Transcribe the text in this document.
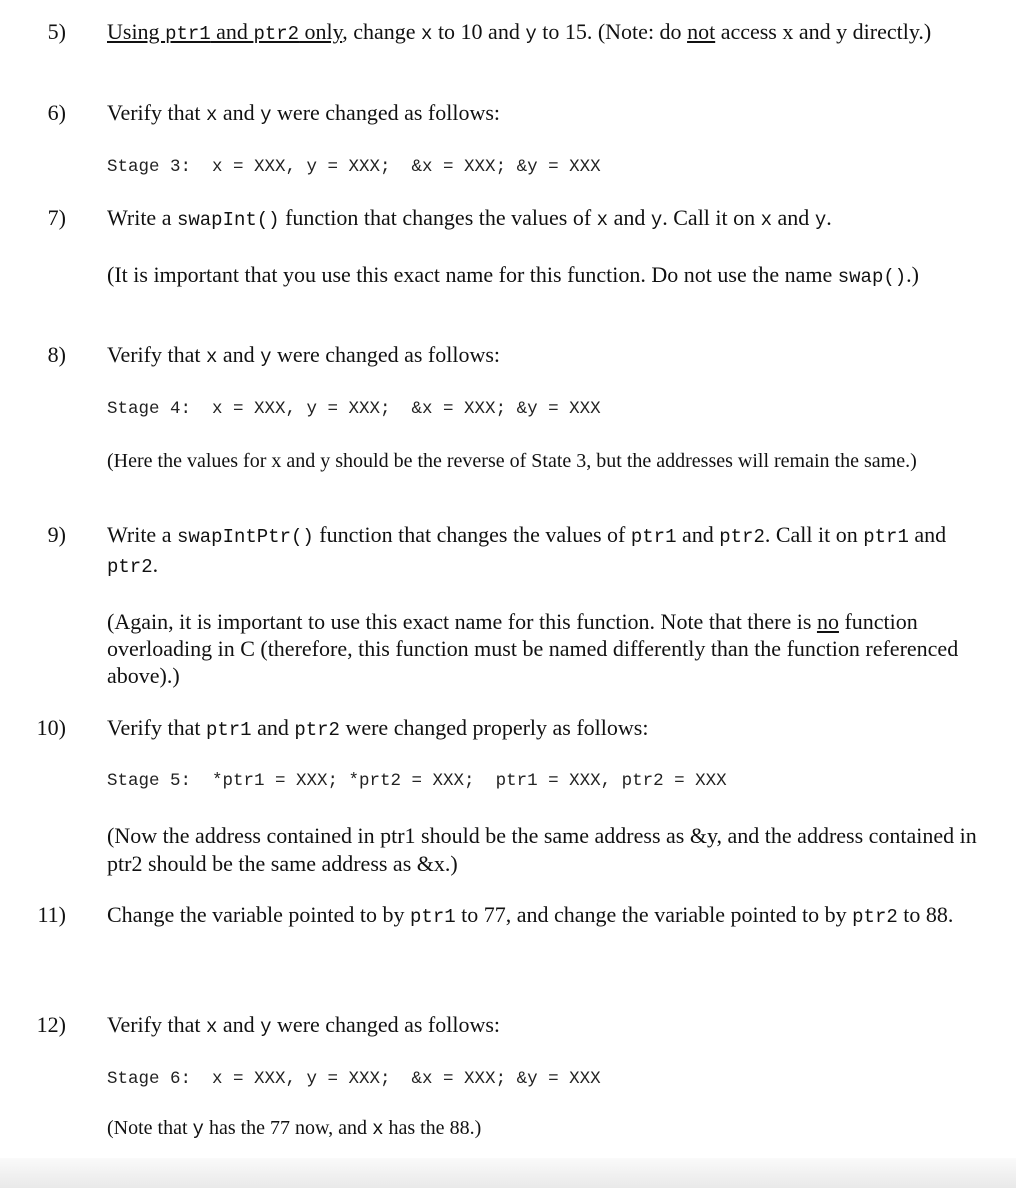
5) Using ptr1 and ptr2 only, change x to 10 and y to 15. (Note: do not access x and y directly.)
6) Verify that x and y were changed as follows:
Stage 3:  x = XXX, y = XXX;  &x = XXX; &y = XXX
7) Write a swapInt() function that changes the values of x and y. Call it on x and y.
(It is important that you use this exact name for this function. Do not use the name swap().)
8) Verify that x and y were changed as follows:
Stage 4:  x = XXX, y = XXX;  &x = XXX; &y = XXX
(Here the values for x and y should be the reverse of State 3, but the addresses will remain the same.)
9) Write a swapIntPtr() function that changes the values of ptr1 and ptr2. Call it on ptr1 and ptr2.
(Again, it is important to use this exact name for this function. Note that there is no function overloading in C (therefore, this function must be named differently than the function referenced above).)
10) Verify that ptr1 and ptr2 were changed properly as follows:
Stage 5:  *ptr1 = XXX; *prt2 = XXX;  ptr1 = XXX, ptr2 = XXX
(Now the address contained in ptr1 should be the same address as &y, and the address contained in ptr2 should be the same address as &x.)
11) Change the variable pointed to by ptr1 to 77, and change the variable pointed to by ptr2 to 88.
12) Verify that x and y were changed as follows:
Stage 6:  x = XXX, y = XXX;  &x = XXX; &y = XXX
(Note that y has the 77 now, and x has the 88.)
